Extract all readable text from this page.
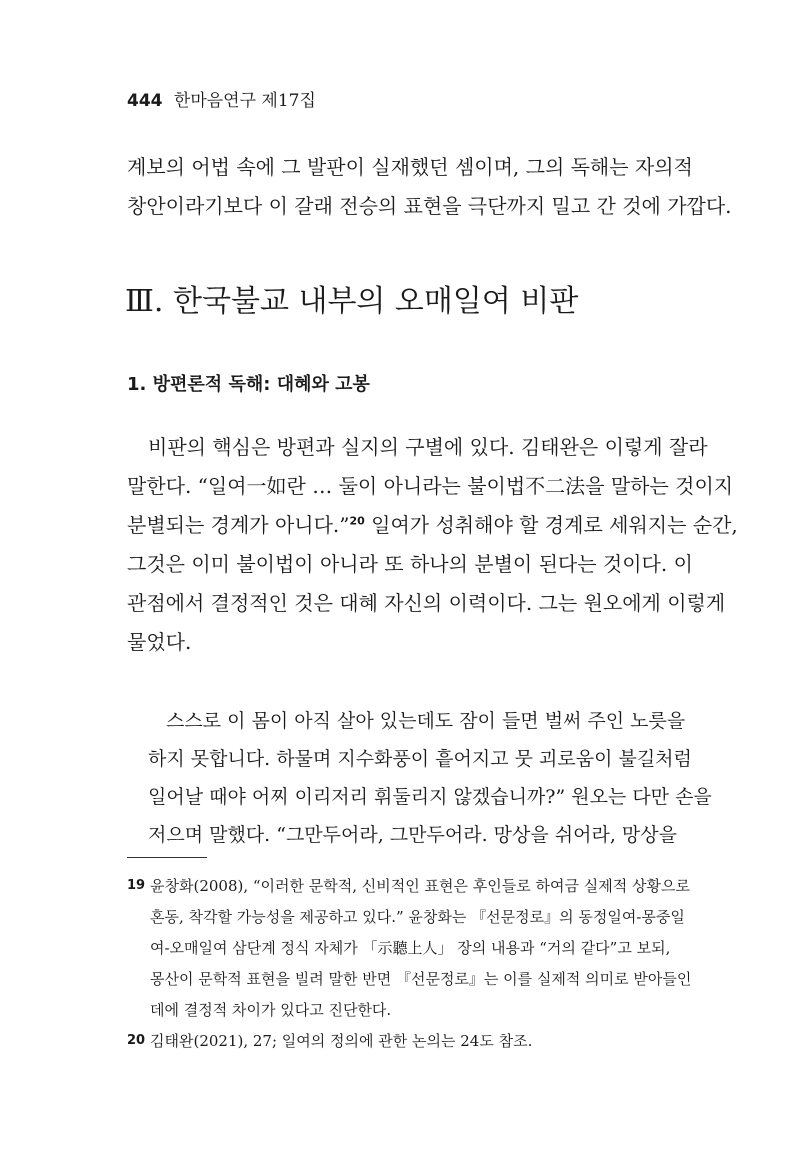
444 한마음연구 제17집
계보의 어법 속에 그 발판이 실재했던 셈이며, 그의 독해는 자의적
창안이라기보다 이 갈래 전승의 표현을 극단까지 밀고 간 것에 가깝다.
Ⅲ. 한국불교 내부의 오매일여 비판
1. 방편론적 독해: 대혜와 고봉
비판의 핵심은 방편과 실지의 구별에 있다. 김태완은 이렇게 잘라
말한다. “일여一如란 … 둘이 아니라는 불이법不二法을 말하는 것이지
분별되는 경계가 아니다.”$^{20}$ 일여가 성취해야 할 경계로 세워지는 순간,
그것은 이미 불이법이 아니라 또 하나의 분별이 된다는 것이다. 이
관점에서 결정적인 것은 대혜 자신의 이력이다. 그는 원오에게 이렇게
물었다.
스스로 이 몸이 아직 살아 있는데도 잠이 들면 벌써 주인 노릇을
하지 못합니다. 하물며 지수화풍이 흩어지고 뭇 괴로움이 불길처럼
일어날 때야 어찌 이리저리 휘둘리지 않겠습니까?” 원오는 다만 손을
저으며 말했다. “그만두어라, 그만두어라. 망상을 쉬어라, 망상을
19 윤창화(2008), “이러한 문학적, 신비적인 표현은 후인들로 하여금 실제적 상황으로
혼동, 착각할 가능성을 제공하고 있다.” 윤창화는 『선문정로』의 동정일여-몽중일
여-오매일여 삼단계 정식 자체가 「示聽上人」 장의 내용과 “거의 같다”고 보되,
몽산이 문학적 표현을 빌려 말한 반면 『선문정로』는 이를 실제적 의미로 받아들인
데에 결정적 차이가 있다고 진단한다.
20 김태완(2021), 27; 일여의 정의에 관한 논의는 24도 참조.
